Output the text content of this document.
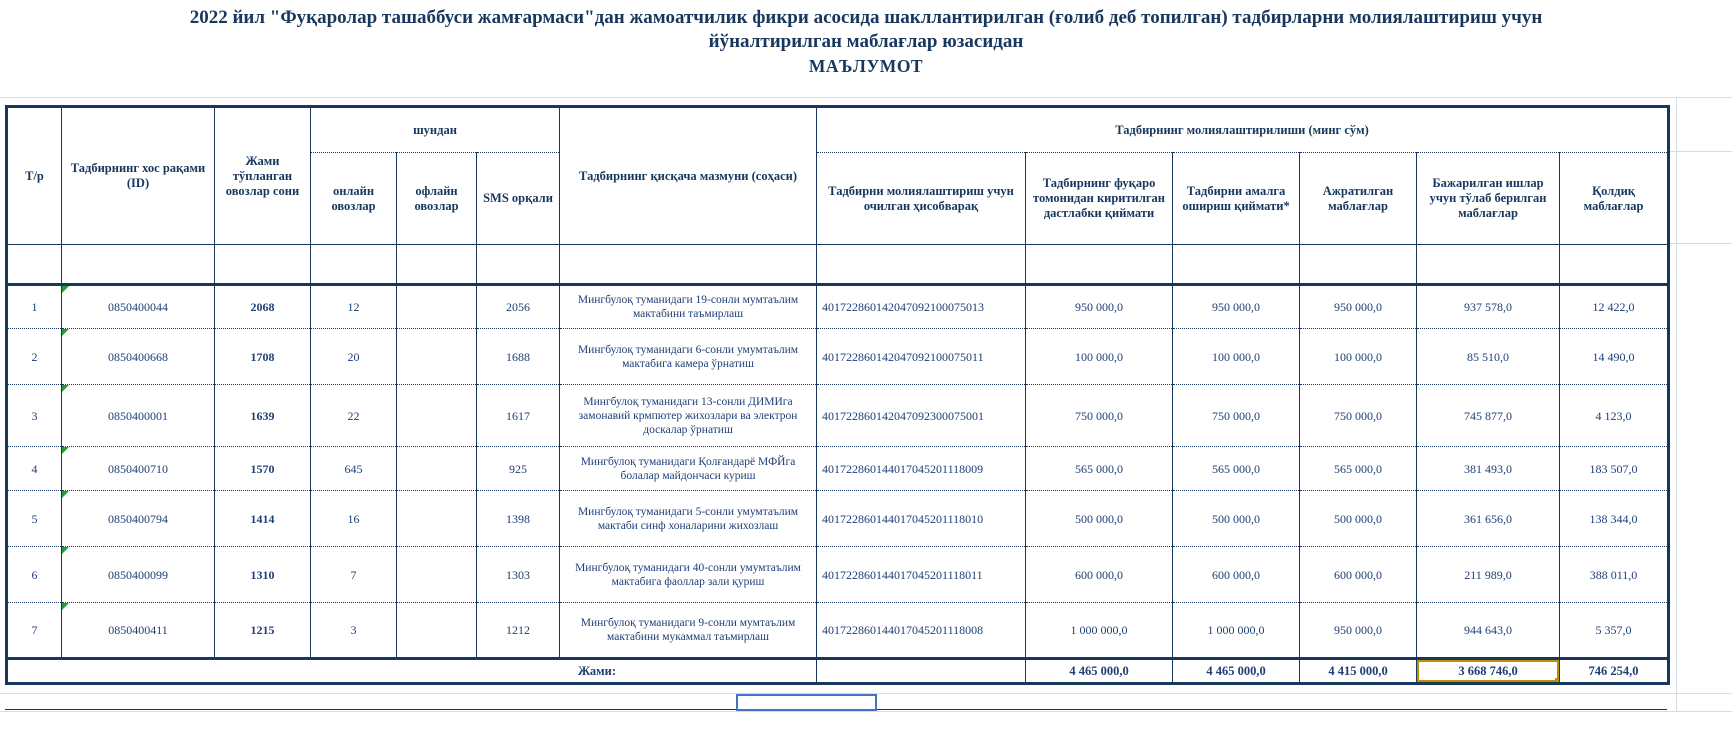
2022 йил "Фуқаролар ташаббуси жамғармаси"дан жамоатчилик фикри асосида шакллантирилган (ғолиб деб топилган) тадбирларни молиялаштириш учун
йўналтирилган маблағлар юзасидан
МАЪЛУМОТ
Т/р	Тадбирнинг хос рақами (ID)	Жами тўпланган овозлар сони	шундан			Тадбирнинг қисқача мазмуни (соҳаси)	Тадбирнинг молиялаштирилиши (минг сўм)					
			онлайн овозлар	офлайн овозлар	SMS орқали		Тадбирни молиялаштириш учун очилган ҳисобварақ	Тадбирнинг фуқаро томонидан киритилган дастлабки қиймати	Тадбирни амалга ошириш қиймати*	Ажратилган маблағлар	Бажарилган ишлар учун тўлаб берилган маблағлар	Қолдиқ маблағлар

1	0850400044	2068	12		2056	Мингбулоқ туманидаги 19-сонли мумтаълим мактабини таъмирлаш	401722860142047092100075013	950 000,0	950 000,0	950 000,0	937 578,0	12 422,0
2	0850400668	1708	20		1688	Мингбулоқ туманидаги 6-сонли умумтаълим мактабига камера ўрнатиш	401722860142047092100075011	100 000,0	100 000,0	100 000,0	85 510,0	14 490,0
3	0850400001	1639	22		1617	Мингбулоқ туманидаги 13-сонли ДИМИга замонавий крмпютер жихозлари ва электрон доскалар ўрнатиш	401722860142047092300075001	750 000,0	750 000,0	750 000,0	745 877,0	4 123,0
4	0850400710	1570	645		925	Мингбулоқ туманидаги Қолғандарё МФЙга болалар майдончаси куриш	401722860144017045201118009	565 000,0	565 000,0	565 000,0	381 493,0	183 507,0
5	0850400794	1414	16		1398	Мингбулоқ туманидаги 5-сонли умумтаълим мактаби синф хоналарини жихозлаш	401722860144017045201118010	500 000,0	500 000,0	500 000,0	361 656,0	138 344,0
6	0850400099	1310	7		1303	Мингбулоқ туманидаги 40-сонли умумтаълим мактабига фаоллар зали қуриш	401722860144017045201118011	600 000,0	600 000,0	600 000,0	211 989,0	388 011,0
7	0850400411	1215	3		1212	Мингбулоқ туманидаги 9-сонли мумтаълим мактабини мукаммал таъмирлаш	401722860144017045201118008	1 000 000,0	1 000 000,0	950 000,0	944 643,0	5 357,0
Жами:								4 465 000,0	4 465 000,0	4 415 000,0	3 668 746,0	746 254,0
